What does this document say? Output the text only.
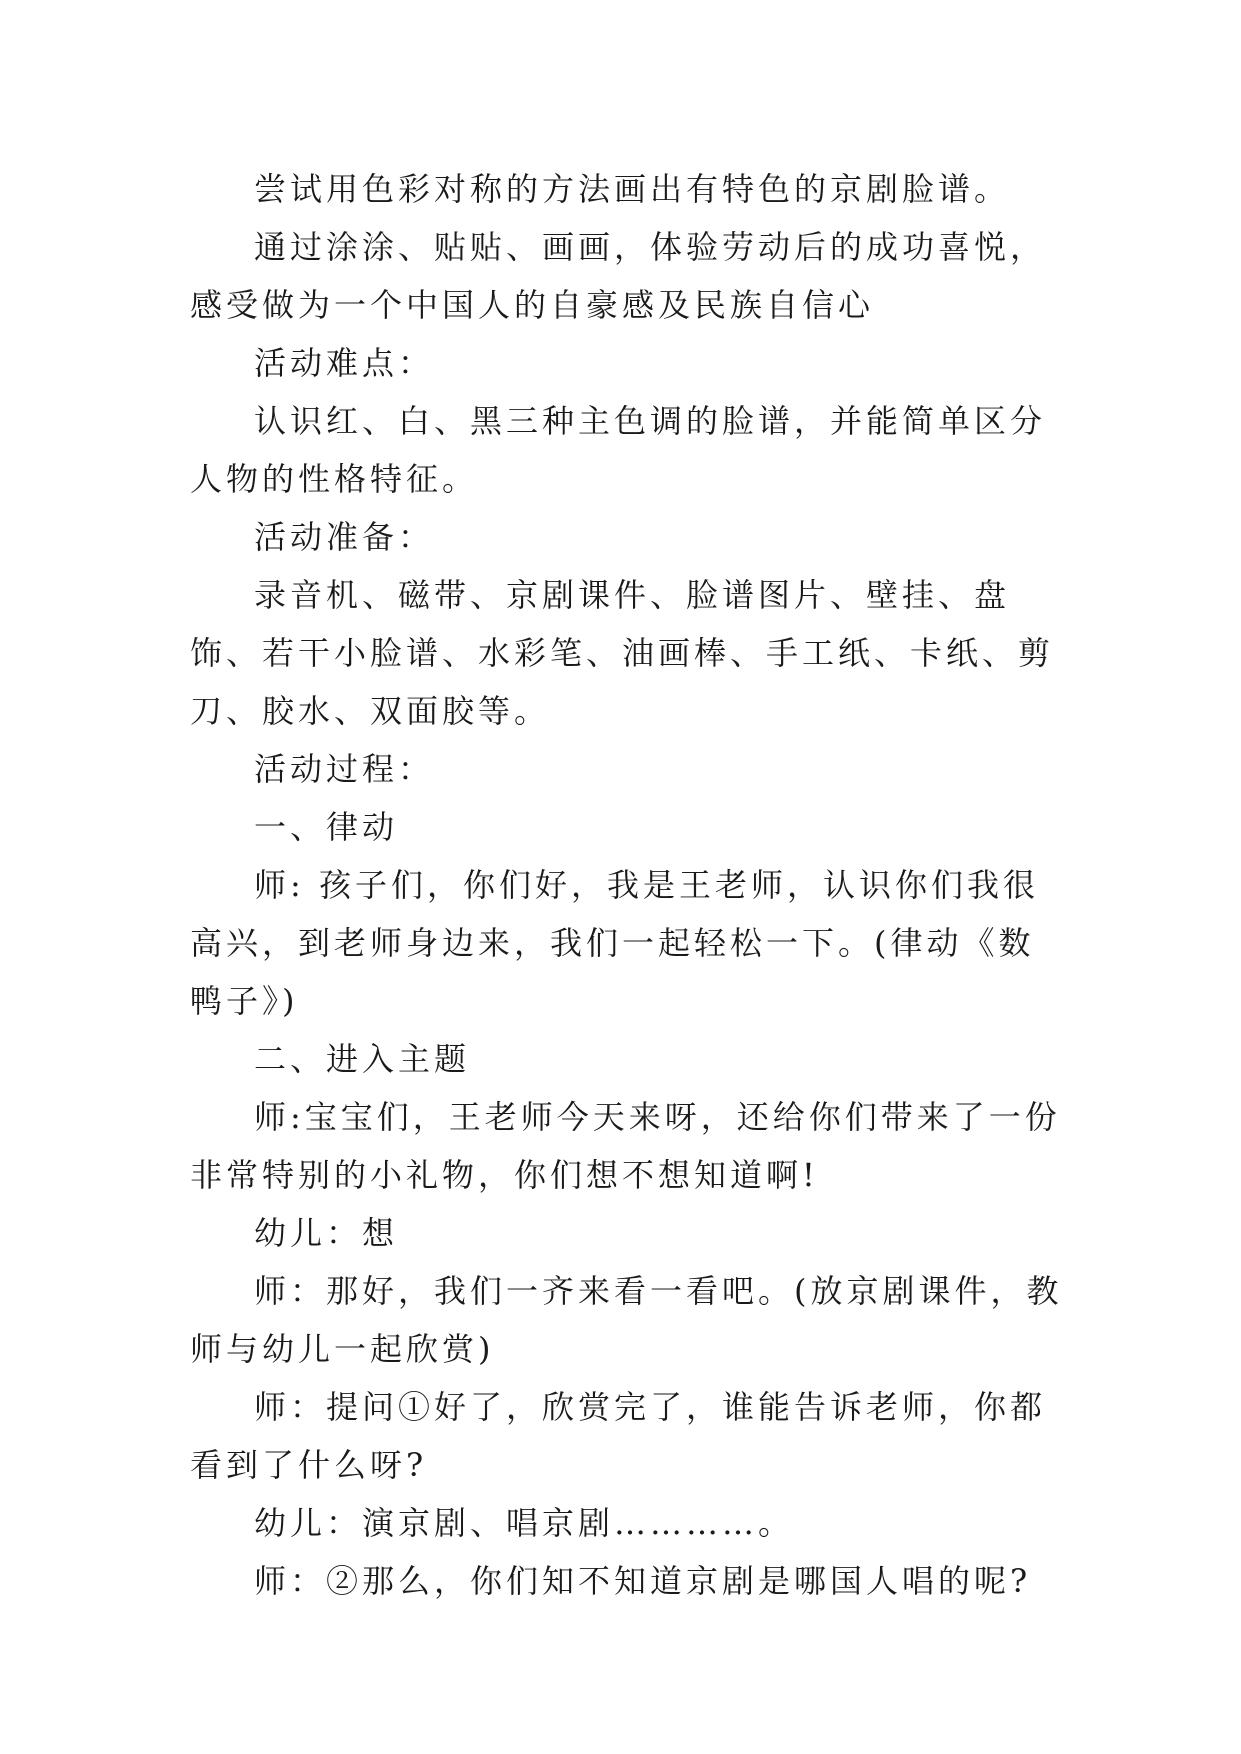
尝试用色彩对称的方法画出有特色的京剧脸谱。

通过涂涂、贴贴、画画，体验劳动后的成功喜悦，感受做为一个中国人的自豪感及民族自信心

活动难点：

认识红、白、黑三种主色调的脸谱，并能简单区分人物的性格特征。

活动准备：

录音机、磁带、京剧课件、脸谱图片、壁挂、盘饰、若干小脸谱、水彩笔、油画棒、手工纸、卡纸、剪刀、胶水、双面胶等。

活动过程：

一、律动

师: 孩子们，你们好，我是王老师，认识你们我很高兴，到老师身边来，我们一起轻松一下。(律动《数鸭子》)

二、进入主题

师:宝宝们，王老师今天来呀，还给你们带来了一份非常特别的小礼物，你们想不想知道啊!

幼儿：想

师：那好，我们一齐来看一看吧。(放京剧课件，教师与幼儿一起欣赏)

师：提问①好了，欣赏完了，谁能告诉老师，你都看到了什么呀?

幼儿：演京剧、唱京剧…………。

师：②那么，你们知不知道京剧是哪国人唱的呢?
